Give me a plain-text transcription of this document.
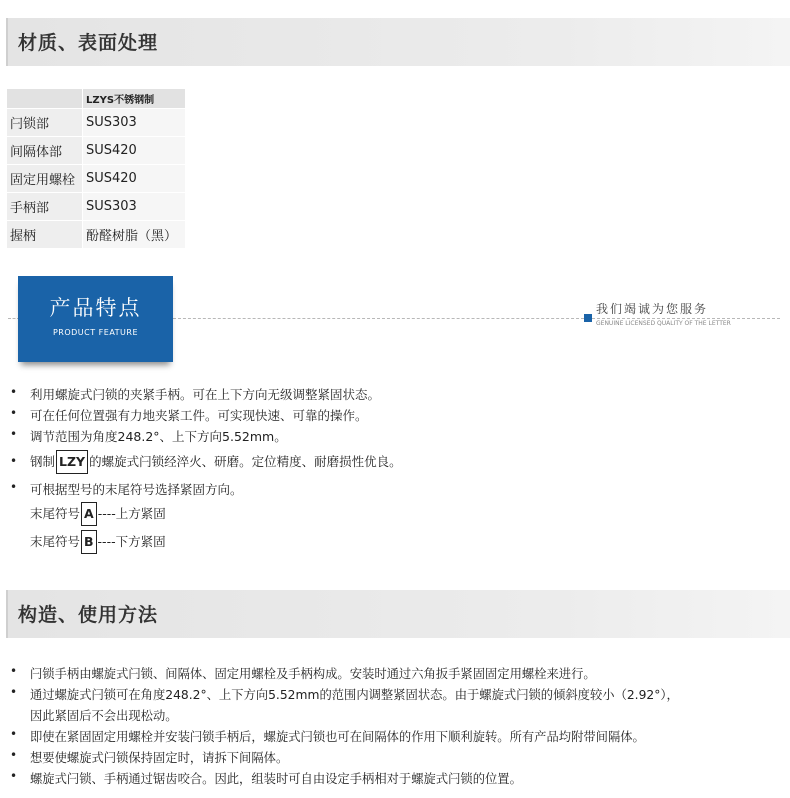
材质、表面处理
	LZYS不锈钢制
闩锁部	SUS303
间隔体部	SUS420
固定用螺栓	SUS420
手柄部	SUS303
握柄	酚醛树脂（黑）
产品特点
PRODUCT FEATURE
我们竭诚为您服务
GENUINE LICENSED QUALITY OF THE LETTER
• 利用螺旋式闩锁的夹紧手柄。可在上下方向无级调整紧固状态。
• 可在任何位置强有力地夹紧工件。可实现快速、可靠的操作。
• 调节范围为角度248.2°、上下方向5.52mm。
• 钢制 LZY 的螺旋式闩锁经淬火、研磨。定位精度、耐磨损性优良。
• 可根据型号的末尾符号选择紧固方向。
末尾符号 A ----上方紧固
末尾符号 B ----下方紧固
构造、使用方法
• 闩锁手柄由螺旋式闩锁、间隔体、固定用螺栓及手柄构成。安装时通过六角扳手紧固固定用螺栓来进行。
• 通过螺旋式闩锁可在角度248.2°、上下方向5.52mm的范围内调整紧固状态。由于螺旋式闩锁的倾斜度较小（2.92°），
因此紧固后不会出现松动。
• 即使在紧固固定用螺栓并安装闩锁手柄后，螺旋式闩锁也可在间隔体的作用下顺利旋转。所有产品均附带间隔体。
• 想要使螺旋式闩锁保持固定时，请拆下间隔体。
• 螺旋式闩锁、手柄通过锯齿咬合。因此，组装时可自由设定手柄相对于螺旋式闩锁的位置。
